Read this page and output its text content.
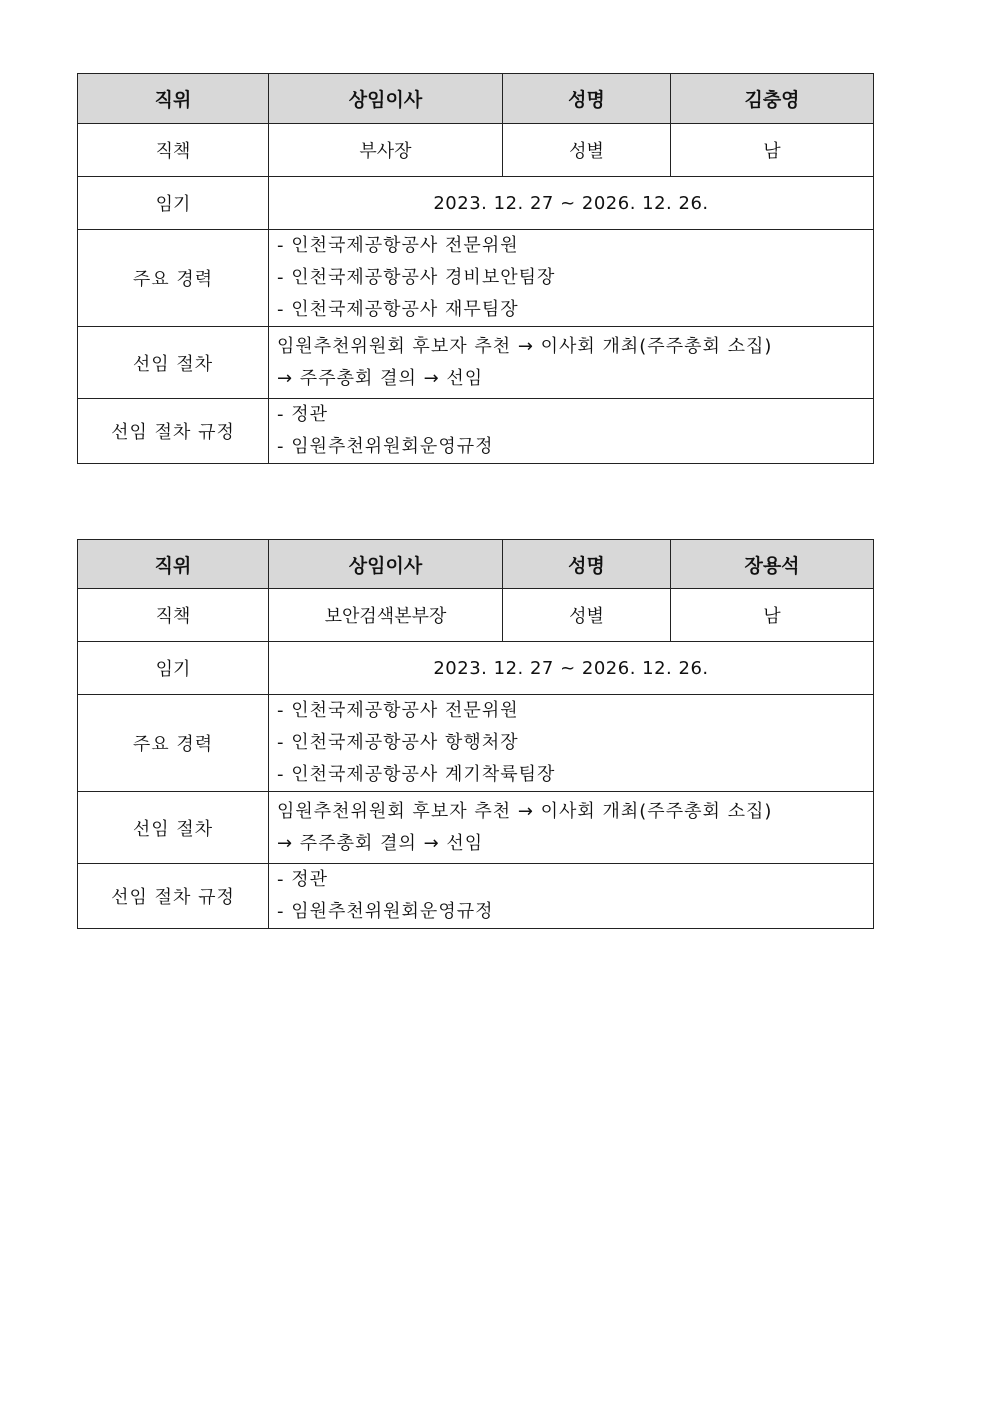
직위	상임이사	성명	김충영
직책	부사장	성별	남
임기	2023. 12. 27 ~ 2026. 12. 26.		
주요 경력	- 인천국제공항공사 전문위원
- 인천국제공항공사 경비보안팀장
- 인천국제공항공사 재무팀장		

선임 절차	임원추천위원회 후보자 추천 → 이사회 개최(주주총회 소집)
→ 주주총회 결의 → 선임		

선임 절차 규정	- 정관
- 임원추천위원회운영규정		
직위	상임이사	성명	장용석
직책	보안검색본부장	성별	남
임기	2023. 12. 27 ~ 2026. 12. 26.		
주요 경력	- 인천국제공항공사 전문위원
- 인천국제공항공사 항행처장
- 인천국제공항공사 계기착륙팀장		

선임 절차	임원추천위원회 후보자 추천 → 이사회 개최(주주총회 소집)
→ 주주총회 결의 → 선임		

선임 절차 규정	- 정관
- 임원추천위원회운영규정		
